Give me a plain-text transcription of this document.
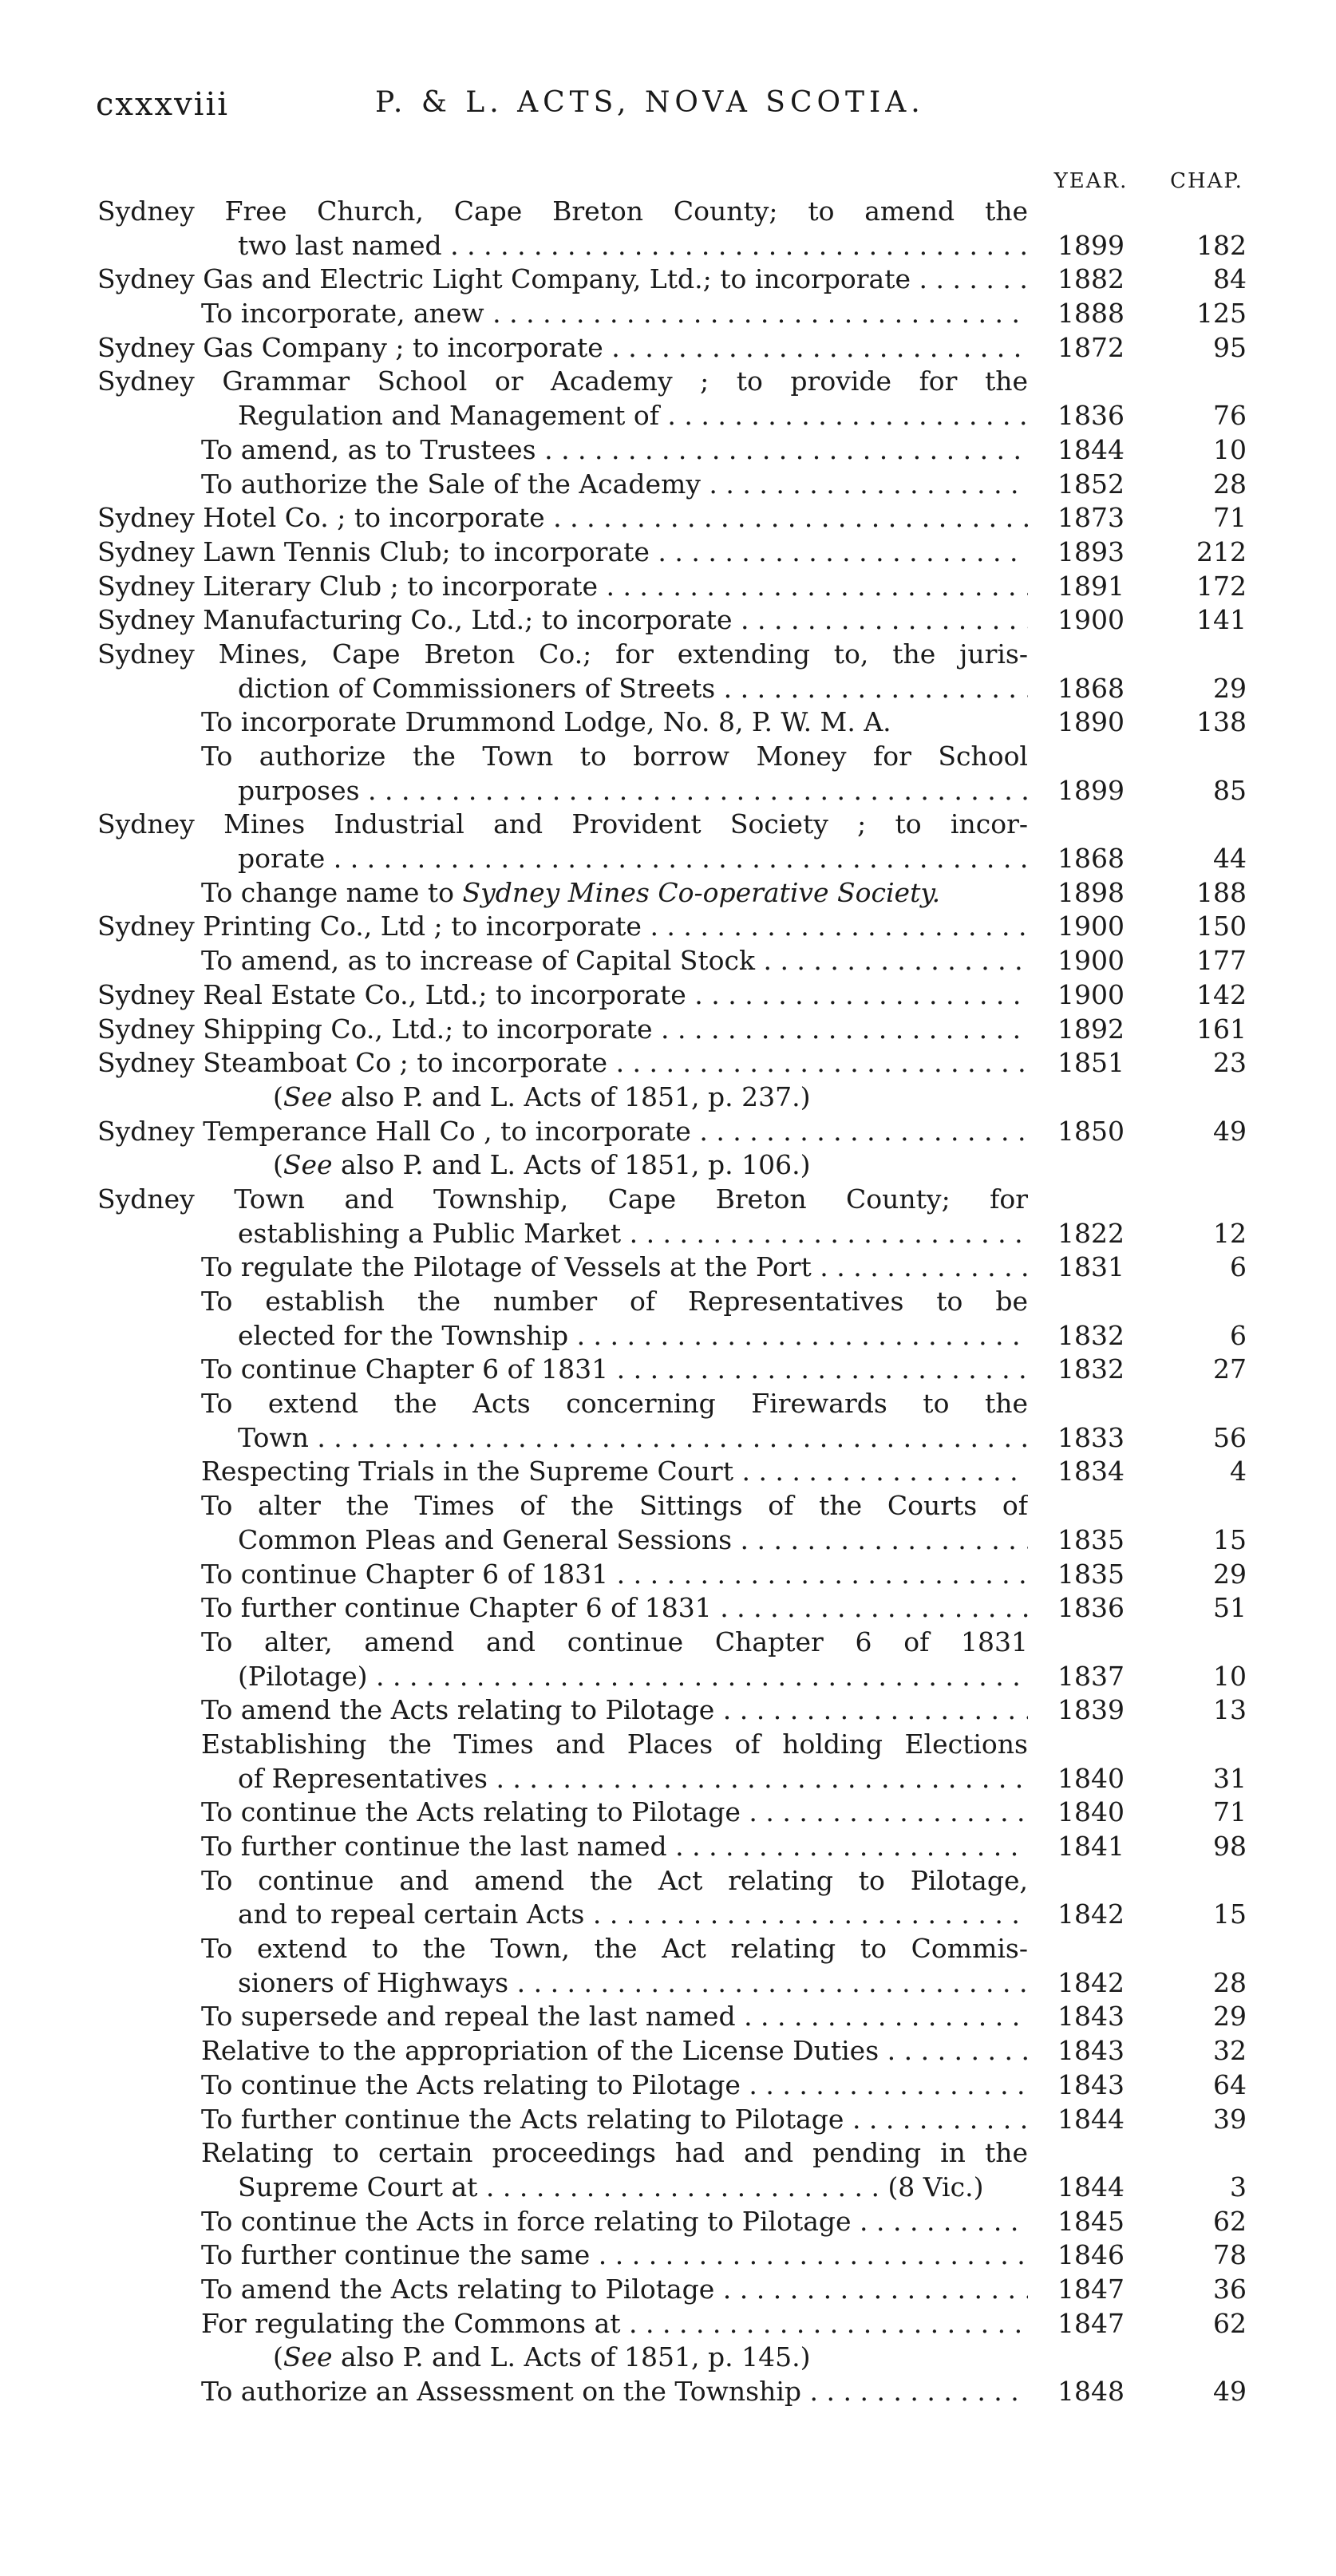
cxxxviii	P. & L. ACTS, NOVA SCOTIA.
YEAR.	CHAP.
Sydney Free Church, Cape Breton County; to amend the
two last named . . .	1899	182
Sydney Gas and Electric Light Company, Ltd.; to incorporate . . .	1882	84
To incorporate, anew . . .	1888	125
Sydney Gas Company ; to incorporate . . .	1872	95
Sydney Grammar School or Academy ; to provide for the
Regulation and Management of . . .	1836	76
To amend, as to Trustees . . .	1844	10
To authorize the Sale of the Academy . . .	1852	28
Sydney Hotel Co. ; to incorporate . . .	1873	71
Sydney Lawn Tennis Club; to incorporate . . .	1893	212
Sydney Literary Club ; to incorporate . . .	1891	172
Sydney Manufacturing Co., Ltd.; to incorporate . . .	1900	141
Sydney Mines, Cape Breton Co.; for extending to, the juris-
diction of Commissioners of Streets . . .	1868	29
To incorporate Drummond Lodge, No. 8, P. W. M. A.	1890	138
To authorize the Town to borrow Money for School
purposes . . .	1899	85
Sydney Mines Industrial and Provident Society ; to incor-
porate . . .	1868	44
To change name to Sydney Mines Co-operative Society.	1898	188
Sydney Printing Co., Ltd ; to incorporate . . .	1900	150
To amend, as to increase of Capital Stock . . .	1900	177
Sydney Real Estate Co., Ltd.; to incorporate . . .	1900	142
Sydney Shipping Co., Ltd.; to incorporate . . .	1892	161
Sydney Steamboat Co ; to incorporate . . .	1851	23
(See also P. and L. Acts of 1851, p. 237.)
Sydney Temperance Hall Co , to incorporate . . .	1850	49
(See also P. and L. Acts of 1851, p. 106.)
Sydney Town and Township, Cape Breton County; for
establishing a Public Market . . .	1822	12
To regulate the Pilotage of Vessels at the Port . . .	1831	6
To establish the number of Representatives to be
elected for the Township . . .	1832	6
To continue Chapter 6 of 1831 . . .	1832	27
To extend the Acts concerning Firewards to the
Town . . .	1833	56
Respecting Trials in the Supreme Court . . .	1834	4
To alter the Times of the Sittings of the Courts of
Common Pleas and General Sessions . . .	1835	15
To continue Chapter 6 of 1831 . . .	1835	29
To further continue Chapter 6 of 1831 . . .	1836	51
To alter, amend and continue Chapter 6 of 1831
(Pilotage) . . .	1837	10
To amend the Acts relating to Pilotage . . .	1839	13
Establishing the Times and Places of holding Elections
of Representatives . . .	1840	31
To continue the Acts relating to Pilotage . . .	1840	71
To further continue the last named . . .	1841	98
To continue and amend the Act relating to Pilotage,
and to repeal certain Acts . . .	1842	15
To extend to the Town, the Act relating to Commis-
sioners of Highways . . .	1842	28
To supersede and repeal the last named . . .	1843	29
Relative to the appropriation of the License Duties . . .	1843	32
To continue the Acts relating to Pilotage . . .	1843	64
To further continue the Acts relating to Pilotage . . .	1844	39
Relating to certain proceedings had and pending in the
Supreme Court at . . . . . . . . . . . . . . . . . . . . . . . . (8 Vic.)	1844	3
To continue the Acts in force relating to Pilotage . . .	1845	62
To further continue the same . . .	1846	78
To amend the Acts relating to Pilotage . . .	1847	36
For regulating the Commons at . . .	1847	62
(See also P. and L. Acts of 1851, p. 145.)
To authorize an Assessment on the Township . . .	1848	49
